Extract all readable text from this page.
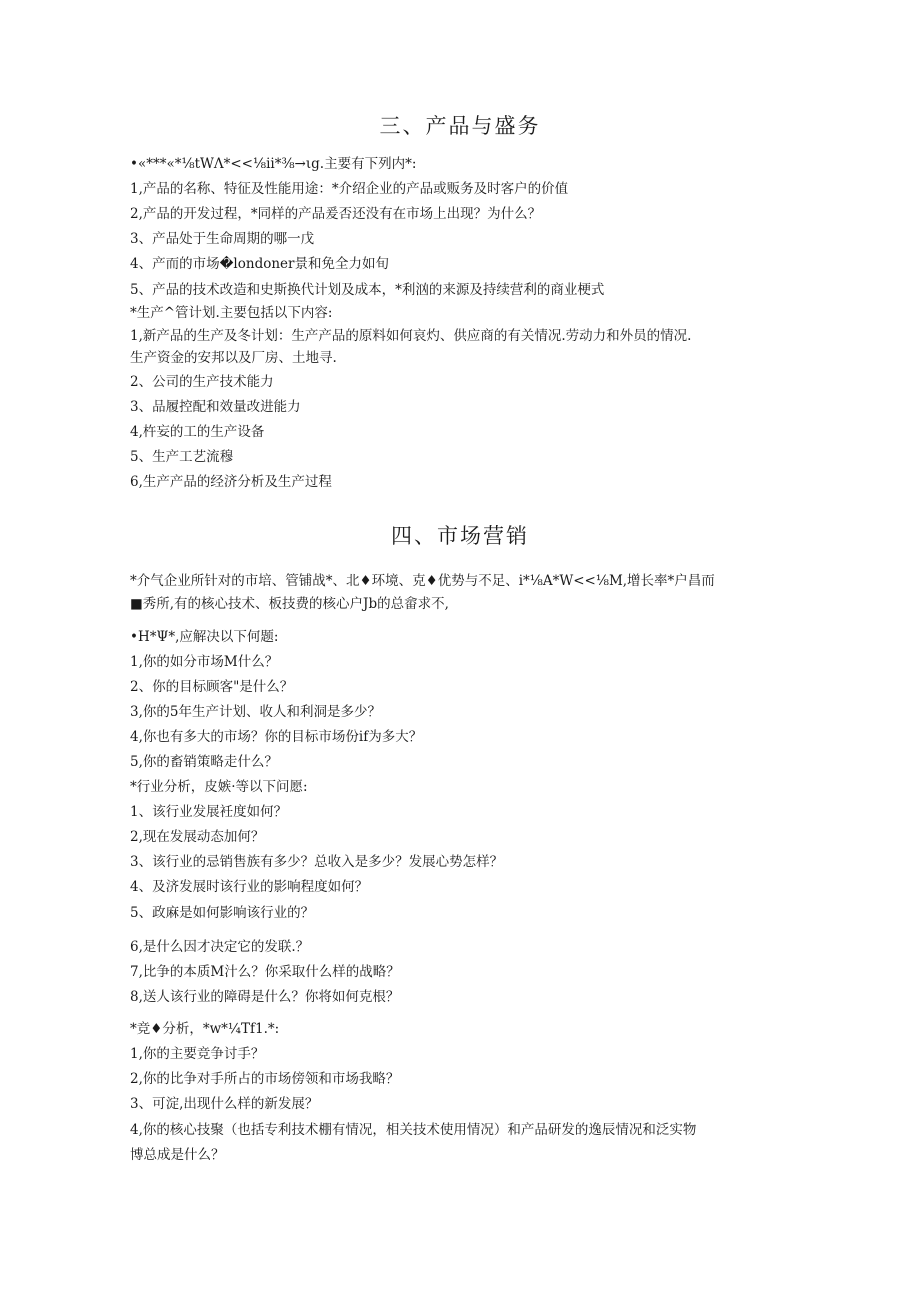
三、产品与盛务

•«***«*⅛tWΛ*<<⅛ii*⅜→ιg.主要有下列内*:

1,产品的名称、特征及性能用途：*介绍企业的产品或贩务及时客户的价值

2,产品的开发过程，*同样的产品爰否还没有在市场上出现？为什么？

3、产品处于生命周期的哪一戊

4、产而的市场�londoner景和免全力如旬

5、产品的技术改造和史斯换代计划及成本，*利汹的来源及持续营利的商业梗式

*生产^管计划.主要包括以下内容:

1,新产品的生产及冬计划：生产产品的原料如何哀灼、供应商的有关情况.劳动力和外员的情况.

生产资金的安邦以及厂房、土地寻.

2、公司的生产技术能力

3、品履控配和效量改进能力

4,杵妄的工的生产设备

5、生产工艺流穆

6,生产产品的经济分析及生产过程

四、市场营销

*介气企业所针对的市培、管铺战*、北♦环境、克♦优势与不足、i*⅛A*W<<⅛M,增长率*户昌而

■秀所,有的核心技术、板技费的核心户Jb的总畲求不,

•H*Ψ*,应解决以下何题:

1,你的如分市场M什么？

2、你的目标顾客"是什么？

3,你的5年生产计划、收人和利洞是多少？

4,你也有多大的市场？你的目标市场份if为多大？

5,你的畜销策略走什么？

*行业分析，皮嫉·等以下问愿:

1、该行业发展衽度如何？

2,现在发展动态加何？

3、该行业的忌销售族有多少？总收入是多少？发展心势怎样？

4、及济发展时该行业的影响程度如何？

5、政麻是如何影响该行业的？

6,是什么因才决定它的发联.？

7,比争的本质M汁么？你采取什么样的战略？

8,送人该行业的障碍是什么？你将如何克根？

*竞♦分析，*w*¼Tf1.*:

1,你的主要竞争讨手？

2,你的比争对手所占的市场傍领和市场我略？

3、可淀,出现什么样的新发展？

4,你的核心技聚（也括专利技术棚有情况，相关技术使用情况）和产品研发的逸辰情况和泛实物

博总成是什么？
